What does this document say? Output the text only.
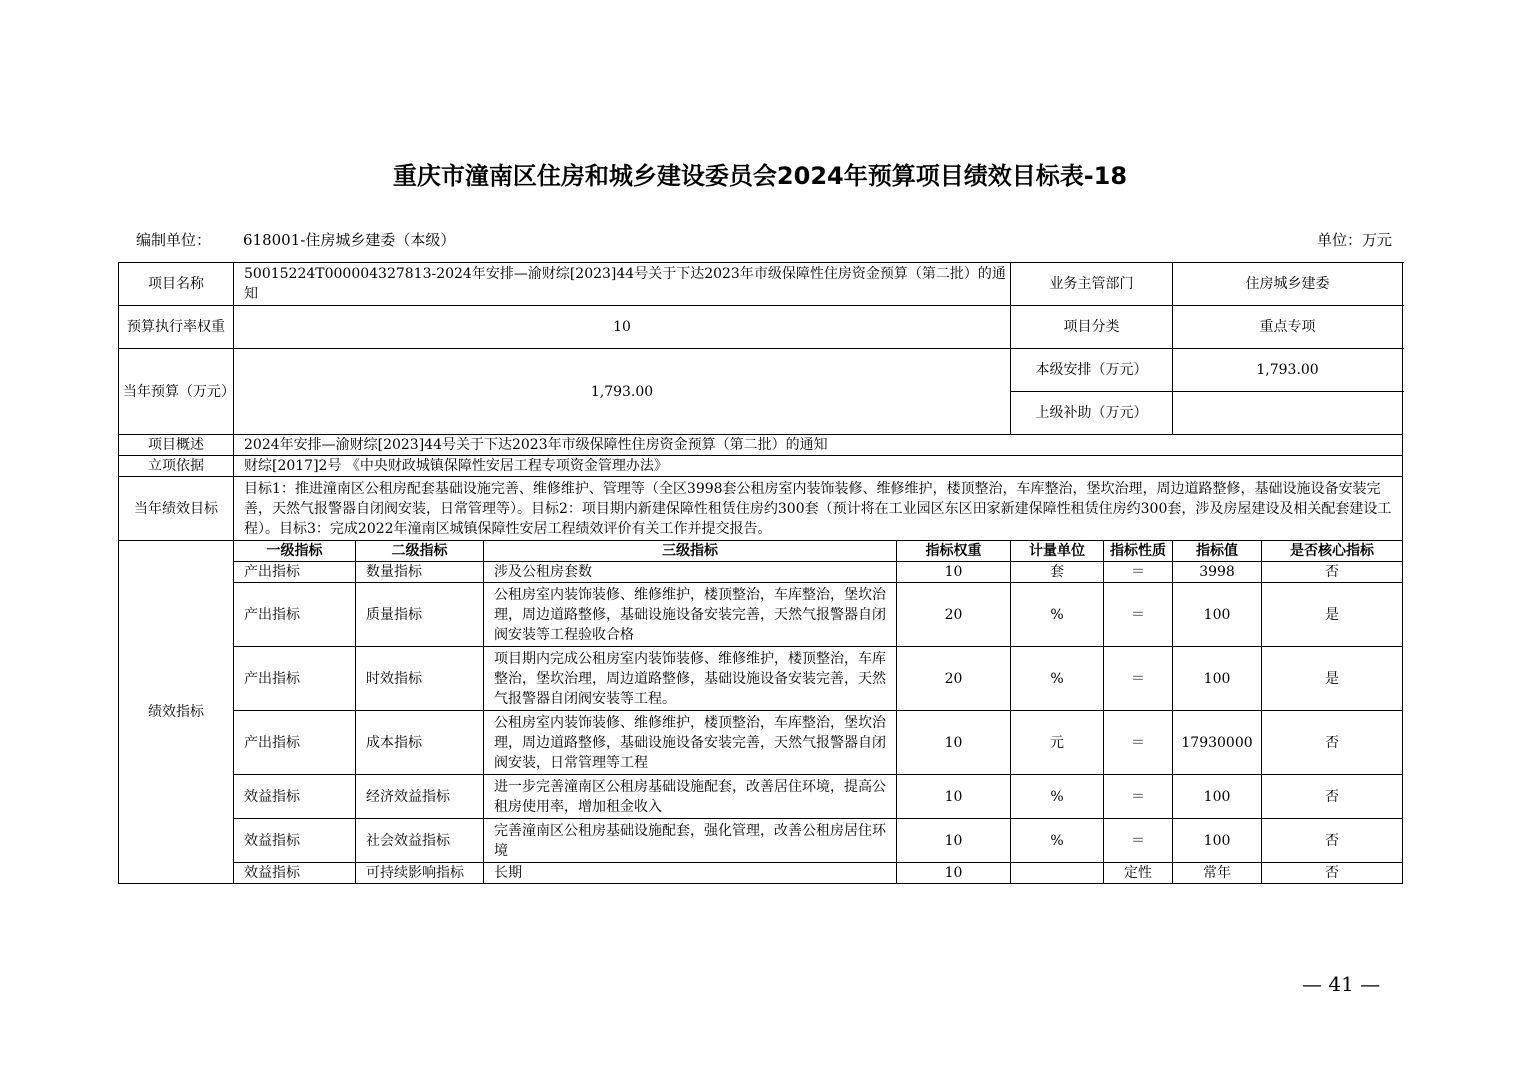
重庆市潼南区住房和城乡建设委员会2024年预算项目绩效目标表-18
编制单位： 618001-住房城乡建委（本级）	单位：万元
项目名称	50015224T000004327813-2024年安排—渝财综[2023]44号关于下达2023年市级保障性住房资金预算（第二批）的通知				业务主管部门		住房城乡建委	
预算执行率权重	10				项目分类		重点专项	
当年预算（万元）	1,793.00				本级安排（万元）		1,793.00	
					上级补助（万元）			
项目概述	2024年安排—渝财综[2023]44号关于下达2023年市级保障性住房资金预算（第二批）的通知							
立项依据	财综[2017]2号 《中央财政城镇保障性安居工程专项资金管理办法》							
当年绩效目标	目标1：推进潼南区公租房配套基础设施完善、维修维护、管理等（全区3998套公租房室内装饰装修、维修维护，楼顶整治，车库整治，堡坎治理，周边道路整修，基础设施设备安装完善，天然气报警器自闭阀安装，日常管理等）。目标2：项目期内新建保障性租赁住房约300套（预计将在工业园区东区田家新建保障性租赁住房约300套，涉及房屋建设及相关配套建设工程）。目标3：完成2022年潼南区城镇保障性安居工程绩效评价有关工作并提交报告。							
绩效指标	一级指标	二级指标	三级指标	指标权重	计量单位	指标性质	指标值	是否核心指标
	产出指标	数量指标	涉及公租房套数	10	套	＝	3998	否
	产出指标	质量指标	公租房室内装饰装修、维修维护，楼顶整治，车库整治，堡坎治理，周边道路整修，基础设施设备安装完善，天然气报警器自闭阀安装等工程验收合格	20	%	＝	100	是
	产出指标	时效指标	项目期内完成公租房室内装饰装修、维修维护，楼顶整治，车库整治，堡坎治理，周边道路整修，基础设施设备安装完善，天然气报警器自闭阀安装等工程。	20	%	＝	100	是
	产出指标	成本指标	公租房室内装饰装修、维修维护，楼顶整治，车库整治，堡坎治理，周边道路整修，基础设施设备安装完善，天然气报警器自闭阀安装，日常管理等工程	10	元	＝	17930000	否
	效益指标	经济效益指标	进一步完善潼南区公租房基础设施配套，改善居住环境，提高公租房使用率，增加租金收入	10	%	＝	100	否
	效益指标	社会效益指标	完善潼南区公租房基础设施配套，强化管理，改善公租房居住环境	10	%	＝	100	否
	效益指标	可持续影响指标	长期	10		定性	常年	否
— 41 —
